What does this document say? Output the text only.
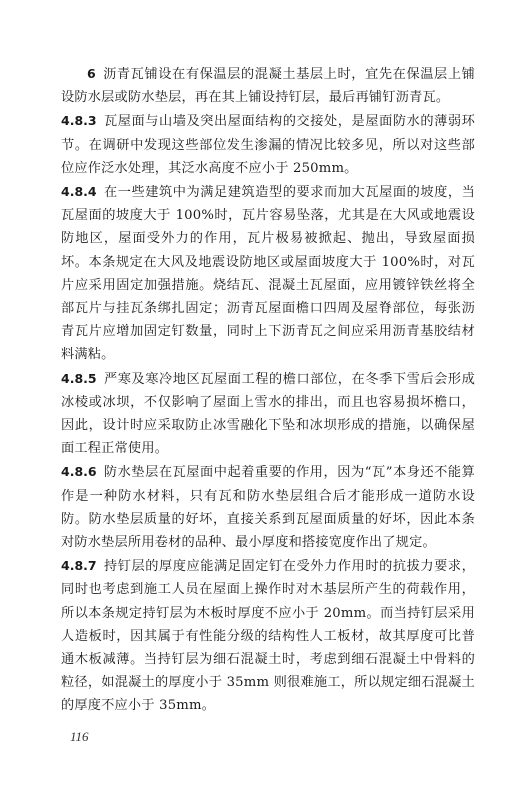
6 沥青瓦铺设在有保温层的混凝土基层上时，宜先在保温层上铺设防水层或防水垫层，再在其上铺设持钉层，最后再铺钉沥青瓦。

4.8.3 瓦屋面与山墙及突出屋面结构的交接处，是屋面防水的薄弱环节。在调研中发现这些部位发生渗漏的情况比较多见，所以对这些部位应作泛水处理，其泛水高度不应小于 250mm。

4.8.4 在一些建筑中为满足建筑造型的要求而加大瓦屋面的坡度，当瓦屋面的坡度大于 100%时，瓦片容易坠落，尤其是在大风或地震设防地区，屋面受外力的作用，瓦片极易被掀起、抛出，导致屋面损坏。本条规定在大风及地震设防地区或屋面坡度大于 100%时，对瓦片应采用固定加强措施。烧结瓦、混凝土瓦屋面，应用镀锌铁丝将全部瓦片与挂瓦条绑扎固定；沥青瓦屋面檐口四周及屋脊部位，每张沥青瓦片应增加固定钉数量，同时上下沥青瓦之间应采用沥青基胶结材料满粘。

4.8.5 严寒及寒冷地区瓦屋面工程的檐口部位，在冬季下雪后会形成冰棱或冰坝，不仅影响了屋面上雪水的排出，而且也容易损坏檐口，因此，设计时应采取防止冰雪融化下坠和冰坝形成的措施，以确保屋面工程正常使用。

4.8.6 防水垫层在瓦屋面中起着重要的作用，因为“瓦”本身还不能算作是一种防水材料，只有瓦和防水垫层组合后才能形成一道防水设防。防水垫层质量的好坏，直接关系到瓦屋面质量的好坏，因此本条对防水垫层所用卷材的品种、最小厚度和搭接宽度作出了规定。

4.8.7 持钉层的厚度应能满足固定钉在受外力作用时的抗拔力要求，同时也考虑到施工人员在屋面上操作时对木基层所产生的荷载作用，所以本条规定持钉层为木板时厚度不应小于 20mm。而当持钉层采用人造板时，因其属于有性能分级的结构性人工板材，故其厚度可比普通木板减薄。当持钉层为细石混凝土时，考虑到细石混凝土中骨料的粒径，如混凝土的厚度小于 35mm 则很难施工，所以规定细石混凝土的厚度不应小于 35mm。

116
